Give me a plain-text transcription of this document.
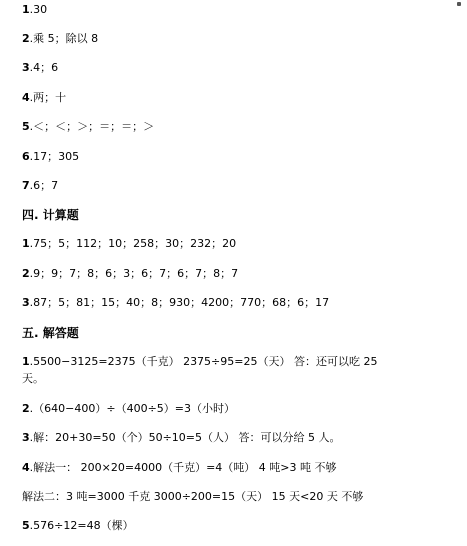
1.30
2.乘 5；除以 8
3.4；6
4.两；十
5.＜；＜；＞；＝；＝；＞
6.17；305
7.6；7
四. 计算题
1.75；5；112；10；258；30；232；20
2.9；9；7；8；6；3；6；7；6；7；8；7
3.87；5；81；15；40；8；930；4200；770；68；6；17
五. 解答题
1.5500−3125=2375（千克） 2375÷95=25（天） 答：还可以吃 25
天。
2.（640−400）÷（400÷5）=3（小时）
3.解：20+30=50（个）50÷10=5（人） 答：可以分给 5 人。
4.解法一： 200×20=4000（千克）=4（吨） 4 吨>3 吨 不够
解法二：3 吨=3000 千克 3000÷200=15（天） 15 天<20 天 不够
5.576÷12=48（棵）
